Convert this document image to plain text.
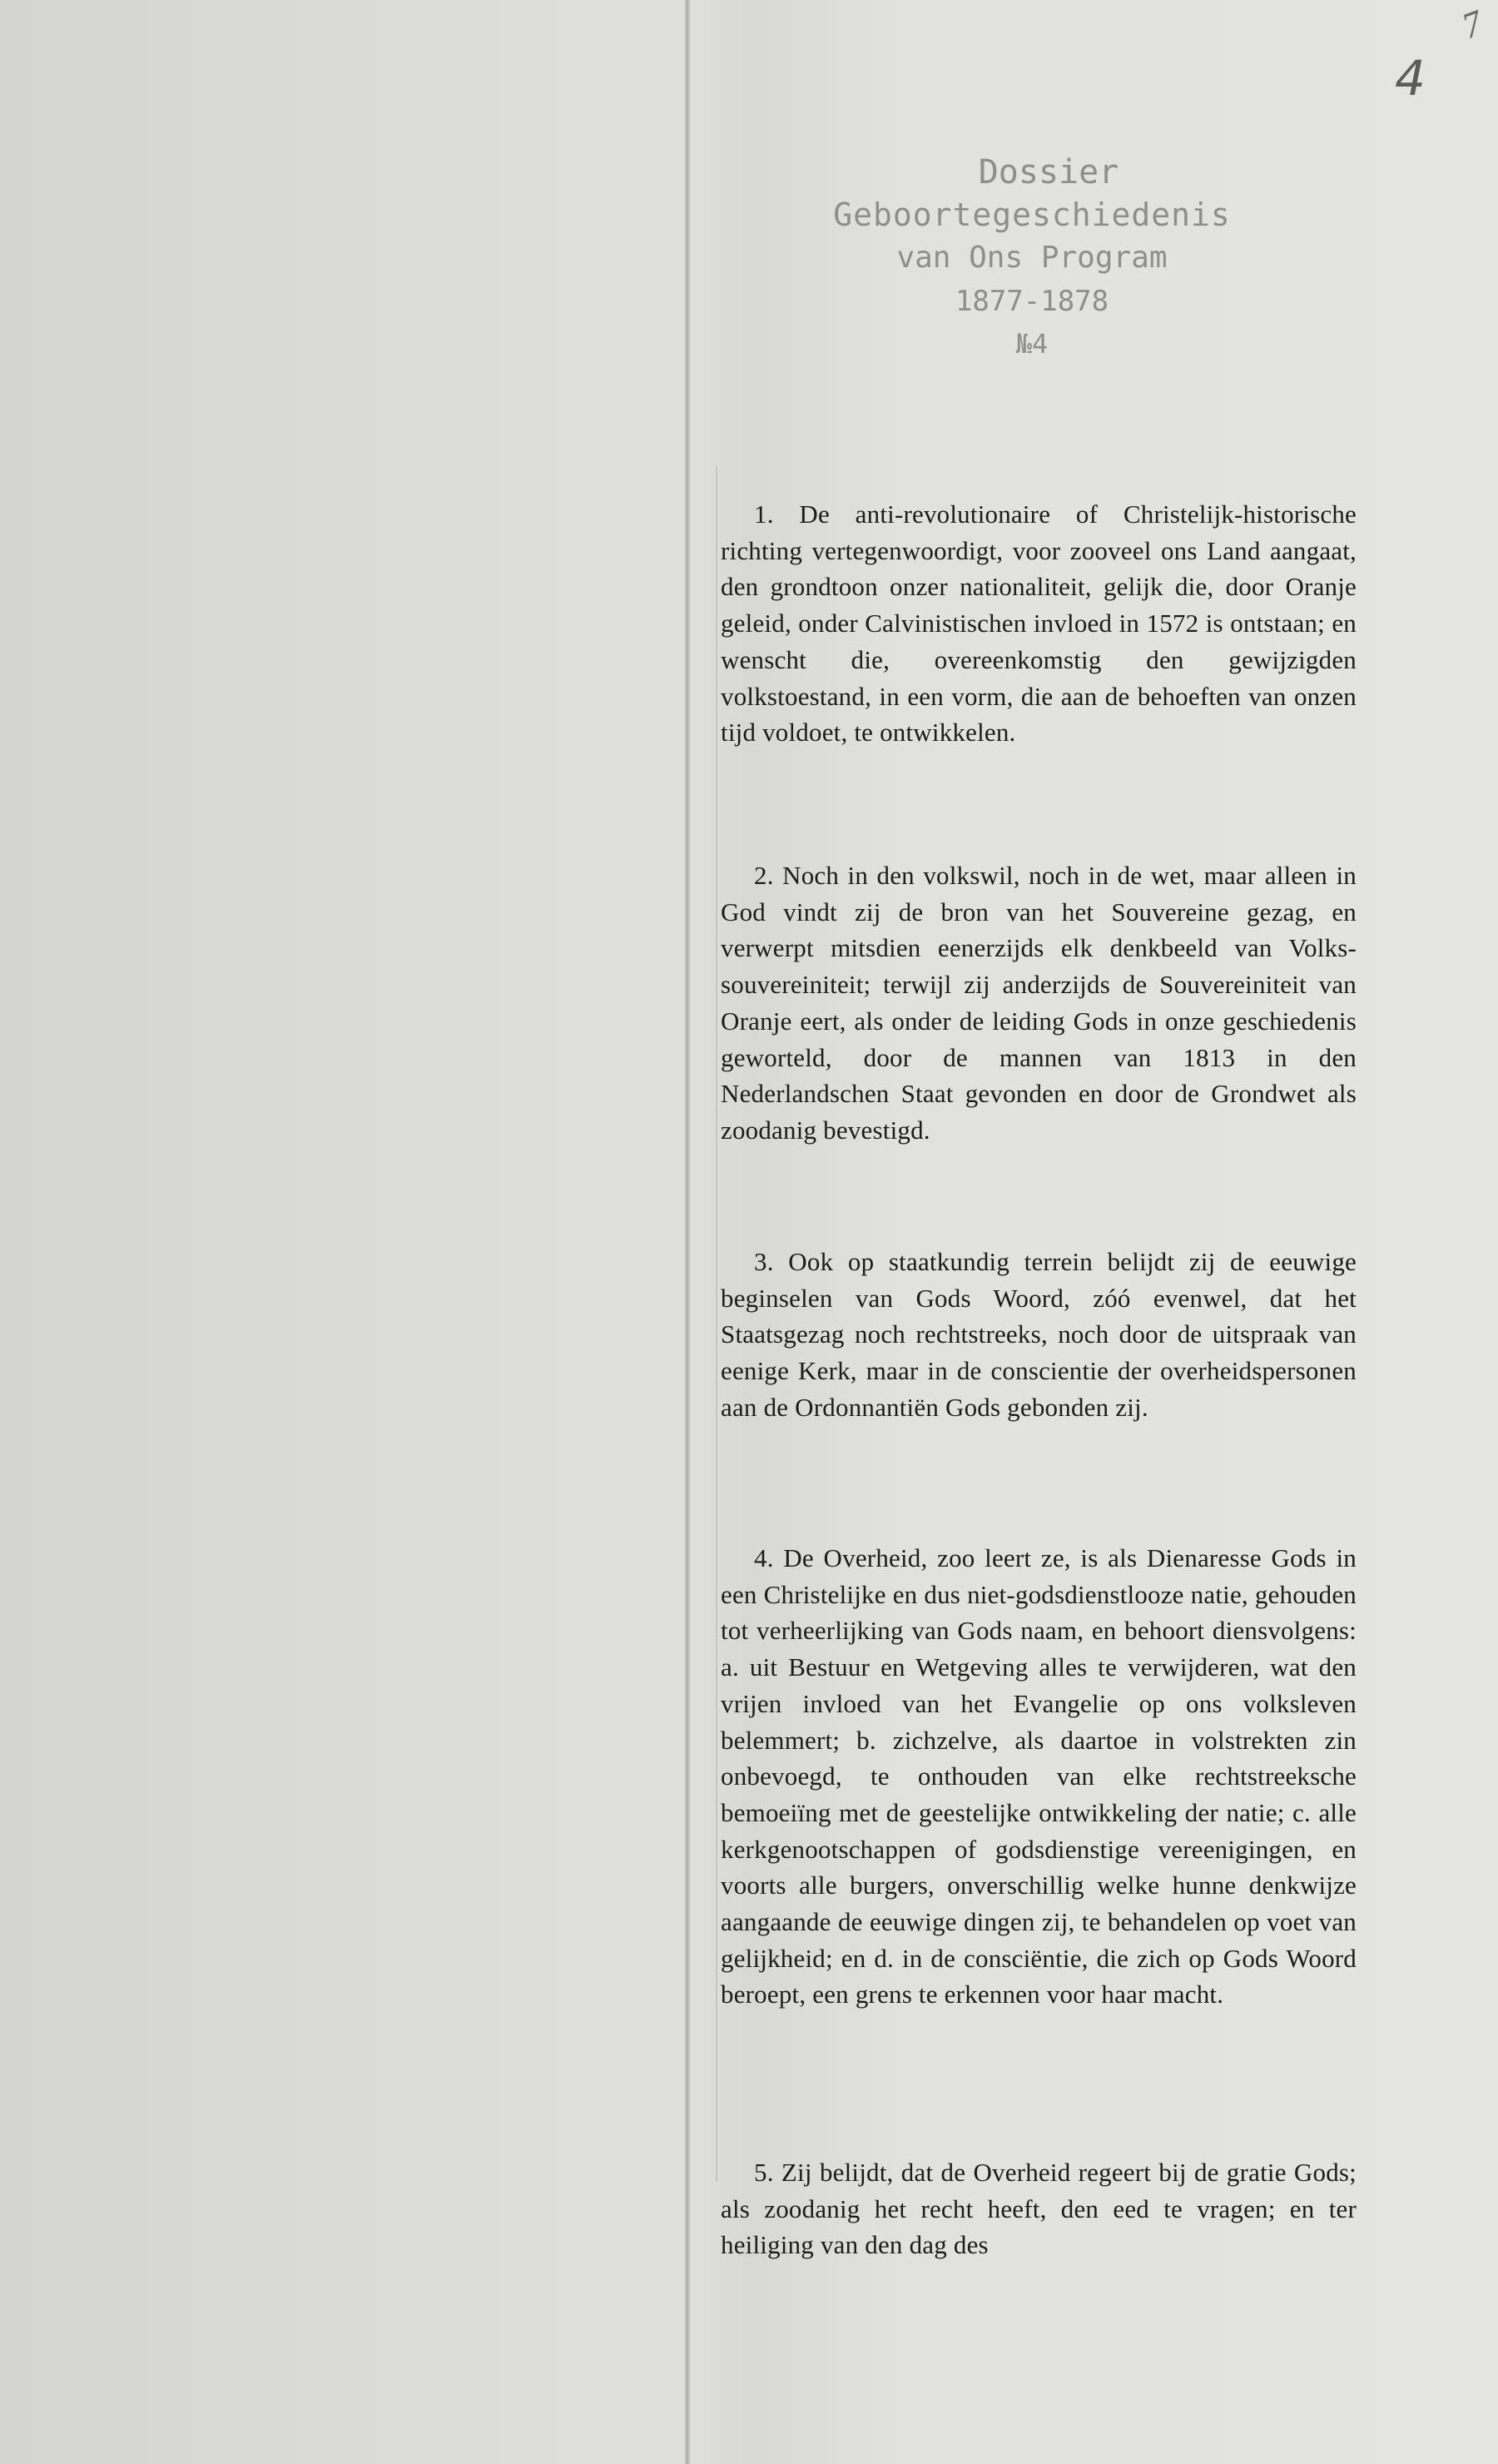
7
4
Dossier
Geboortegeschiedenis
van Ons Program
1877-1878
№4

1. De anti-revolutionaire of Christelijk-historische richting vertegenwoordigt, voor zooveel ons Land aangaat, den grondtoon onzer nationaliteit, gelijk die, door Oranje geleid, onder Calvinistischen invloed in 1572 is ontstaan; en wenscht die, overeenkomstig den gewijzigden volkstoestand, in een vorm, die aan de behoeften van onzen tijd voldoet, te ontwikkelen.

2. Noch in den volkswil, noch in de wet, maar alleen in God vindt zij de bron van het Souvereine gezag, en verwerpt mitsdien eenerzijds elk denkbeeld van Volks-souvereiniteit; terwijl zij anderzijds de Souvereiniteit van Oranje eert, als onder de leiding Gods in onze geschiedenis geworteld, door de mannen van 1813 in den Nederlandschen Staat gevonden en door de Grondwet als zoodanig bevestigd.

3. Ook op staatkundig terrein belijdt zij de eeuwige beginselen van Gods Woord, zóó evenwel, dat het Staatsgezag noch rechtstreeks, noch door de uitspraak van eenige Kerk, maar in de conscientie der overheidspersonen aan de Ordonnantiën Gods gebonden zij.

4. De Overheid, zoo leert ze, is als Dienaresse Gods in een Christelijke en dus niet-godsdienstlooze natie, gehouden tot verheerlijking van Gods naam, en behoort diensvolgens: a. uit Bestuur en Wetgeving alles te verwijderen, wat den vrijen invloed van het Evangelie op ons volksleven belemmert; b. zichzelve, als daartoe in volstrekten zin onbevoegd, te onthouden van elke rechtstreeksche bemoeiïng met de geestelijke ontwikkeling der natie; c. alle kerkgenootschappen of godsdienstige vereenigingen, en voorts alle burgers, onverschillig welke hunne denkwijze aangaande de eeuwige dingen zij, te behandelen op voet van gelijkheid; en d. in de consciëntie, die zich op Gods Woord beroept, een grens te erkennen voor haar macht.

5. Zij belijdt, dat de Overheid regeert bij de gratie Gods; als zoodanig het recht heeft, den eed te vragen; en ter heiliging van den dag des
